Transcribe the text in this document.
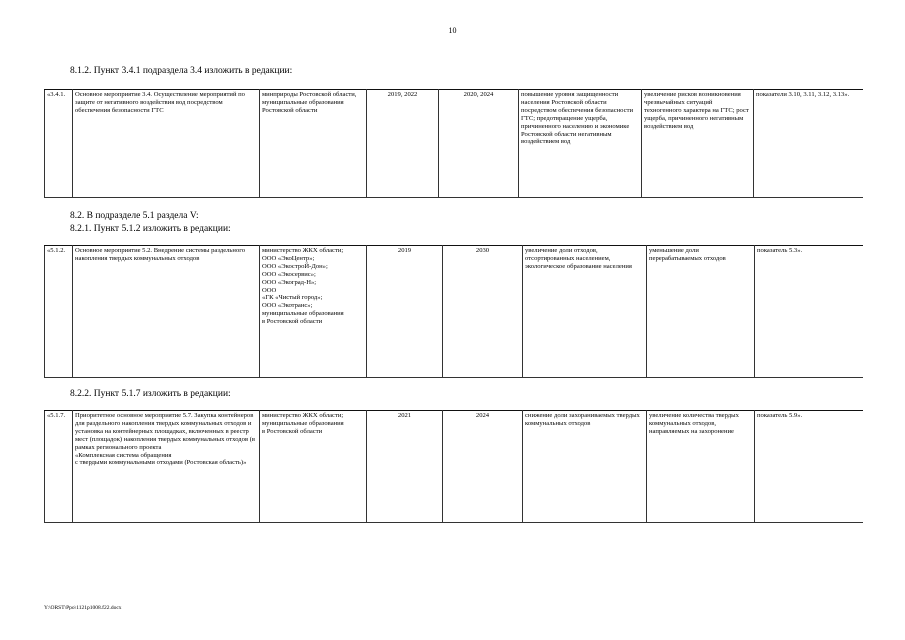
10
8.1.2. Пункт 3.4.1 подраздела 3.4 изложить в редакции:
«3.4.1.	Основное мероприятие 3.4. Осуществление мероприятий по защите от негативного воздействия вод посредством обеспечения безопасности ГТС	минприроды Ростовской области, муниципальные образования Ростовской области	2019, 2022	2020, 2024	повышение уровня защищенности населения Ростовской области посредством обеспечения безопасности ГТС; предотвращение ущерба, причиненного населению и экономике Ростовской области негативным воздействием вод	увеличение рисков возникновения чрезвычайных ситуаций техногенного характера на ГТС; рост ущерба, причиненного негативным воздействием вод	показатели 3.10, 3.11, 3.12, 3.13».
8.2. В подразделе 5.1 раздела V:
8.2.1. Пункт 5.1.2 изложить в редакции:
«5.1.2.	Основное мероприятие 5.2. Внедрение системы раздельного накопления твердых коммунальных отходов	министерство ЖКХ области;
ООО «ЭкоЦентр»;
ООО «ЭкостроЙ-Дон»;
ООО «Экосервис»;
ООО «Экоград-Н»;
ООО
«ГК «Чистый город»;
ООО «Экотранс»;
муниципальные образования
в Ростовской области	2019	2030	увеличение доли отходов, отсортированных населением, экологическое образование населения	уменьшение доли перерабатываемых отходов	показатель 5.3».
8.2.2. Пункт 5.1.7 изложить в редакции:
«5.1.7.	Приоритетное основное мероприятие 5.7. Закупка контейнеров для раздельного накопления твердых коммунальных отходов и установка на контейнерных площадках, включенных в реестр мест (площадок) накопления твердых коммунальных отходов (в рамках регионального проекта
«Комплексная система обращения
с твердыми коммунальными отходами (Ростовская область)»	министерство ЖКХ области;
муниципальные образования
в Ростовской области	2021	2024	снижение доли захораниваемых твердых коммунальных отходов	увеличение количества твердых коммунальных отходов, направляемых на захоронение	показатель 5.9».
Y:\ORST\Ppo\1121p1008.f22.docx
